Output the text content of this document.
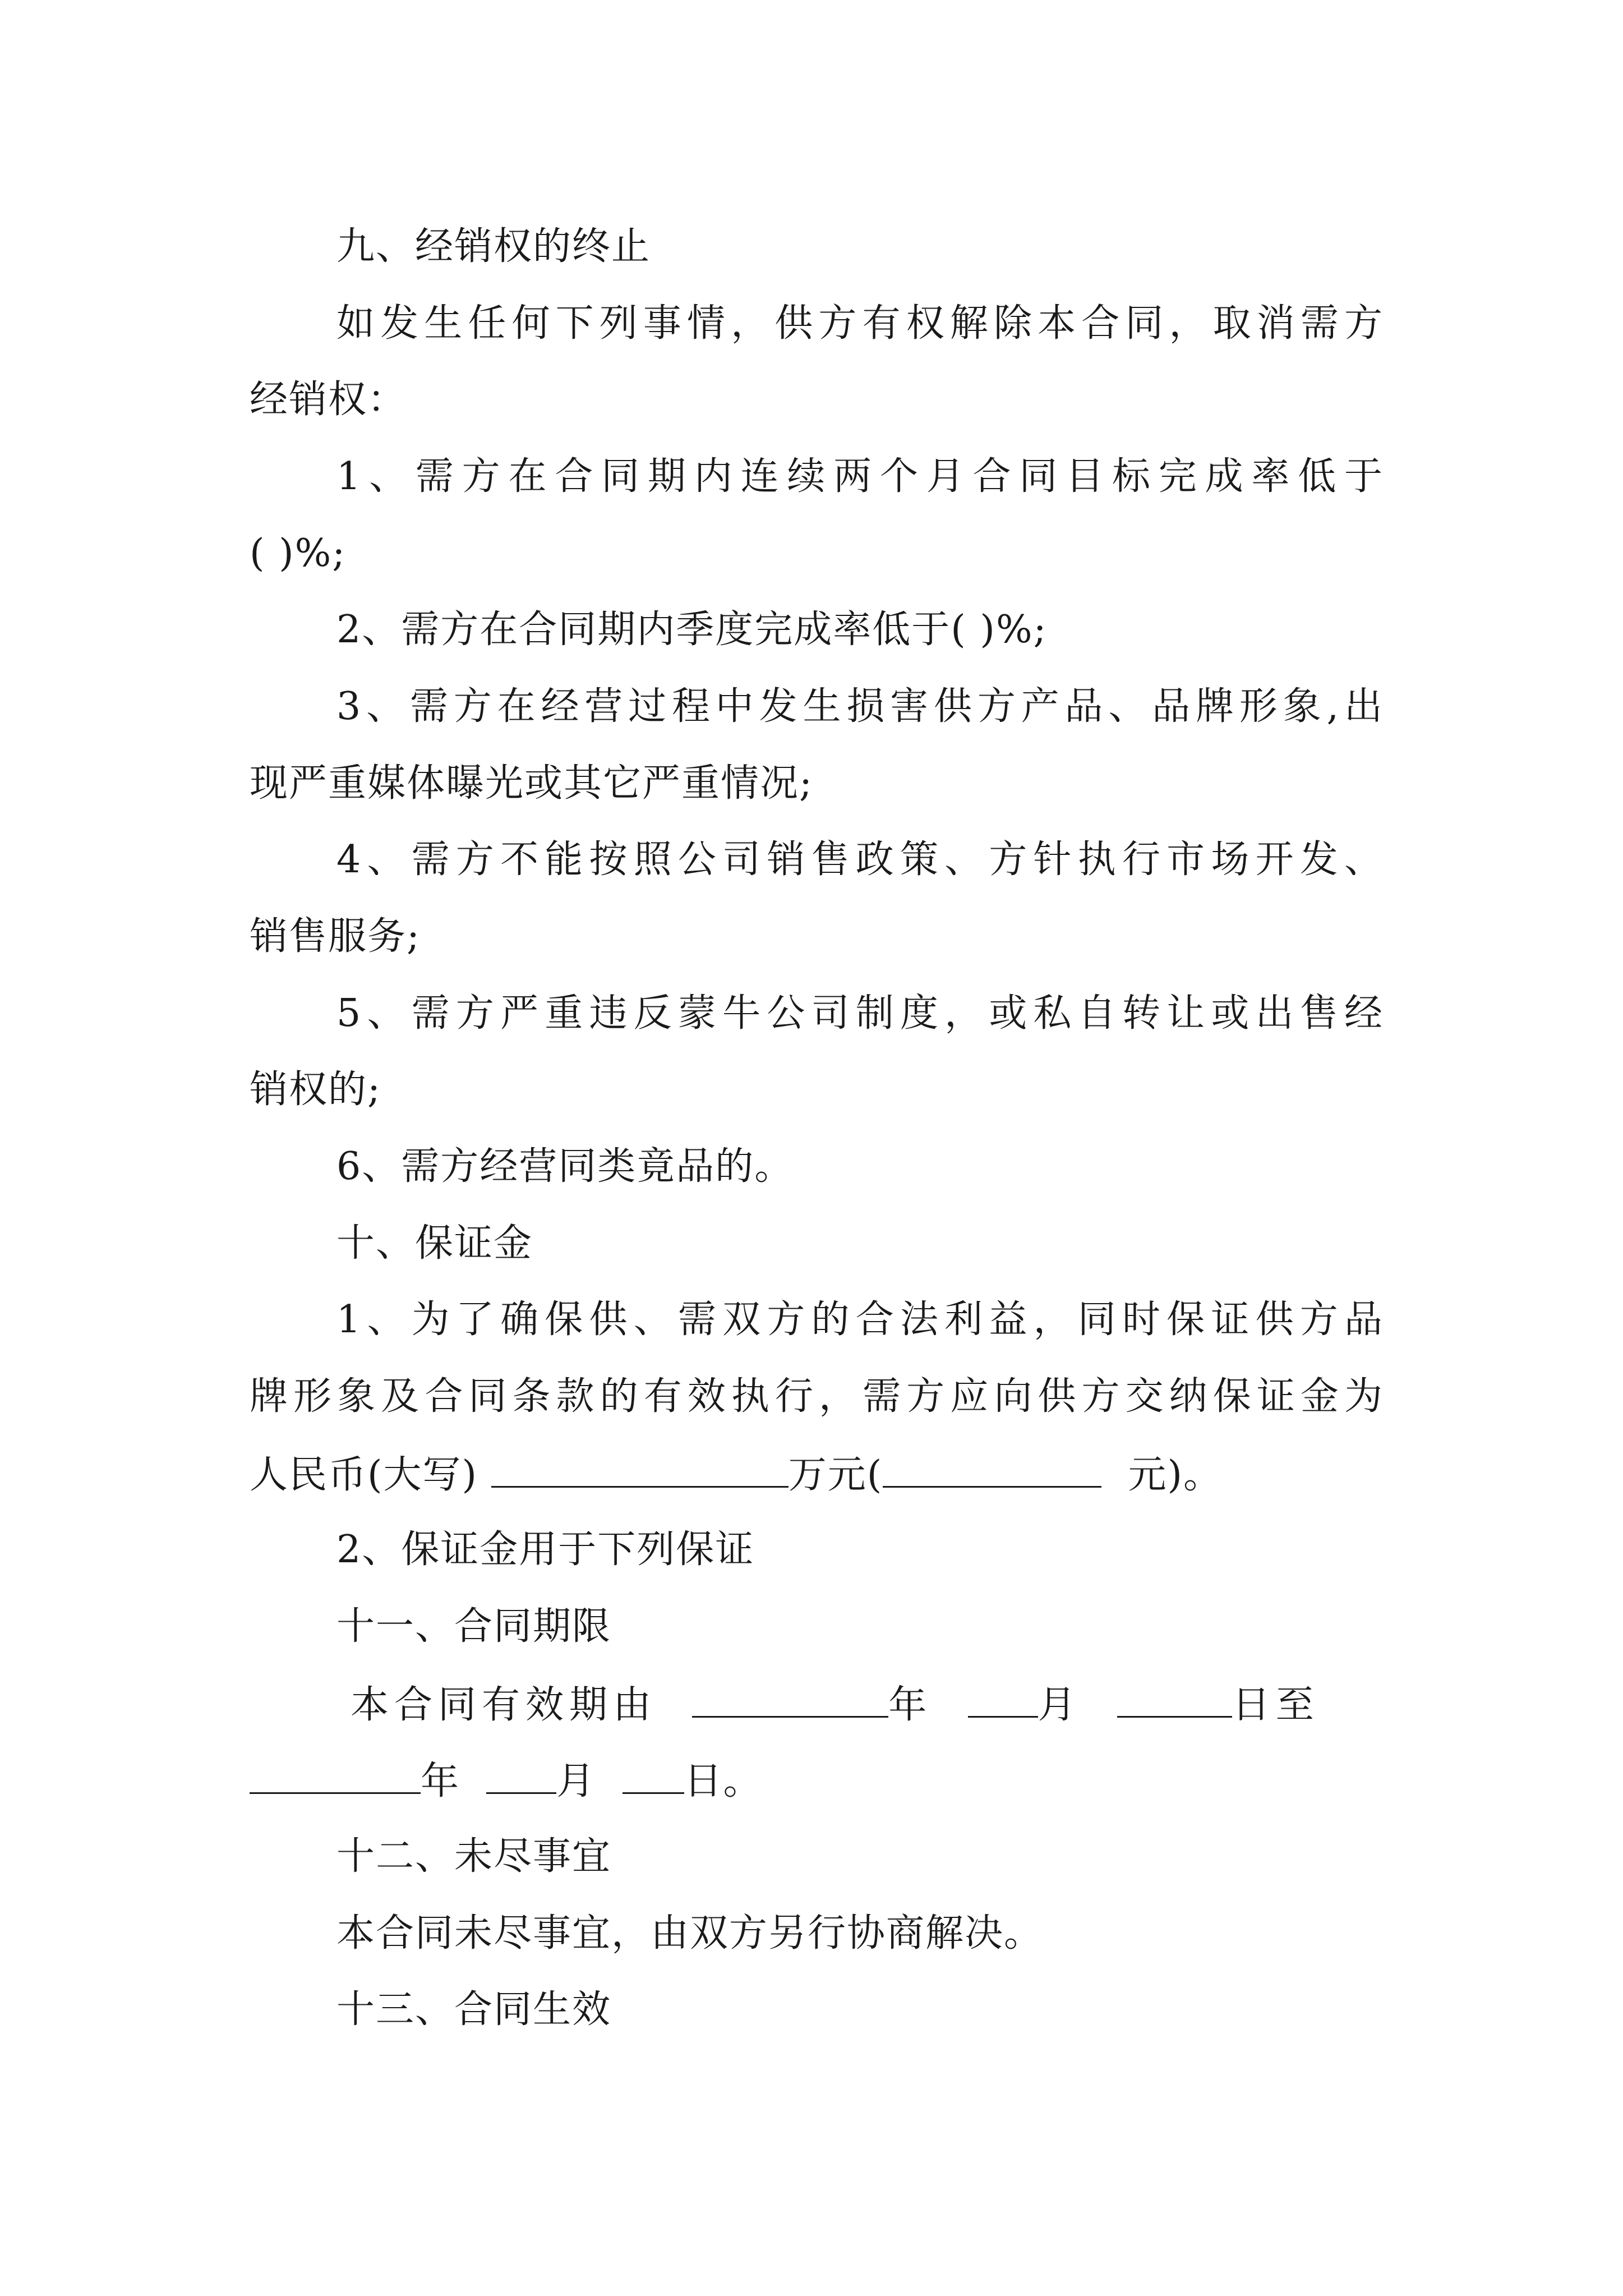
九、经销权的终止
如发生任何下列事情，供方有权解除本合同，取消需方
经销权：
1、需方在合同期内连续两个月合同目标完成率低于
( )%;
2、需方在合同期内季度完成率低于( )%;
3、需方在经营过程中发生损害供方产品、品牌形象,出
现严重媒体曝光或其它严重情况;
4、需方不能按照公司销售政策、方针执行市场开发、
销售服务;
5、需方严重违反蒙牛公司制度，或私自转让或出售经
销权的;
6、需方经营同类竟品的。
十、保证金
1、为了确保供、需双方的合法利益，同时保证供方品
牌形象及合同条款的有效执行，需方应向供方交纳保证金为
人民币(大写)	万元(	元)。
2、保证金用于下列保证
十一、合同期限
本合同有效期由	年	月	日至
年	月 日。
十二、未尽事宜
本合同未尽事宜，由双方另行协商解决。
十三、合同生效
